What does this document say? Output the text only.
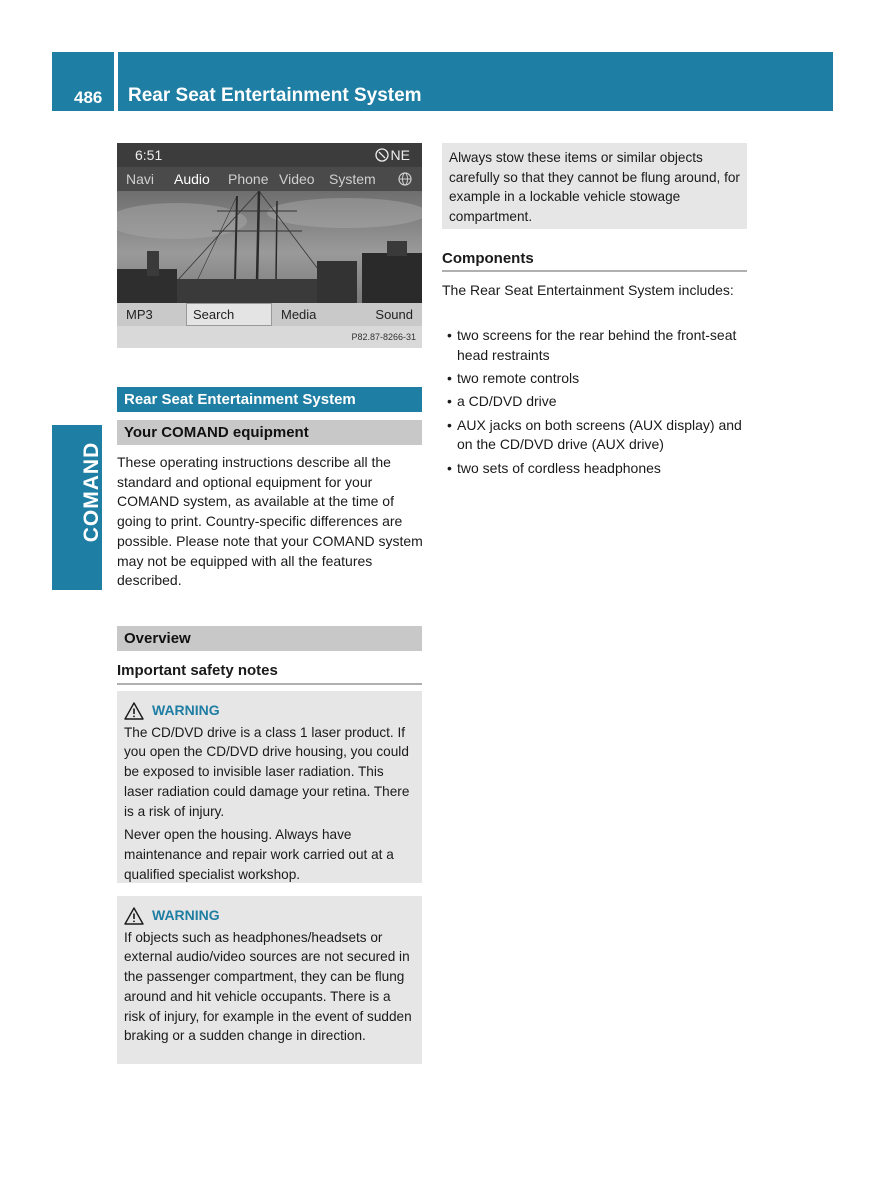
486	Rear Seat Entertainment System
COMAND
6:51	NE
Navi Audio Phone Video System
MP3	Search	Media	Sound
P82.87-8266-31
Rear Seat Entertainment System
Your COMAND equipment
These operating instructions describe all the standard and optional equipment for your COMAND system, as available at the time of going to print. Country-specific differences are possible. Please note that your COMAND system may not be equipped with all the features described.
Overview
Important safety notes
WARNING

The CD/DVD drive is a class 1 laser product. If you open the CD/DVD drive housing, you could be exposed to invisible laser radiation. This laser radiation could damage your retina. There is a risk of injury.

Never open the housing. Always have maintenance and repair work carried out at a qualified specialist workshop.

WARNING

If objects such as headphones/headsets or external audio/video sources are not secured in the passenger compartment, they can be flung around and hit vehicle occupants. There is a risk of injury, for example in the event of sudden braking or a sudden change in direction.

Always stow these items or similar objects carefully so that they cannot be flung around, for example in a lockable vehicle stowage compartment.
Components
The Rear Seat Entertainment System includes:
• two screens for the rear behind the front-seat head restraints
• two remote controls
• a CD/DVD drive
• AUX jacks on both screens (AUX display) and on the CD/DVD drive (AUX drive)
• two sets of cordless headphones
